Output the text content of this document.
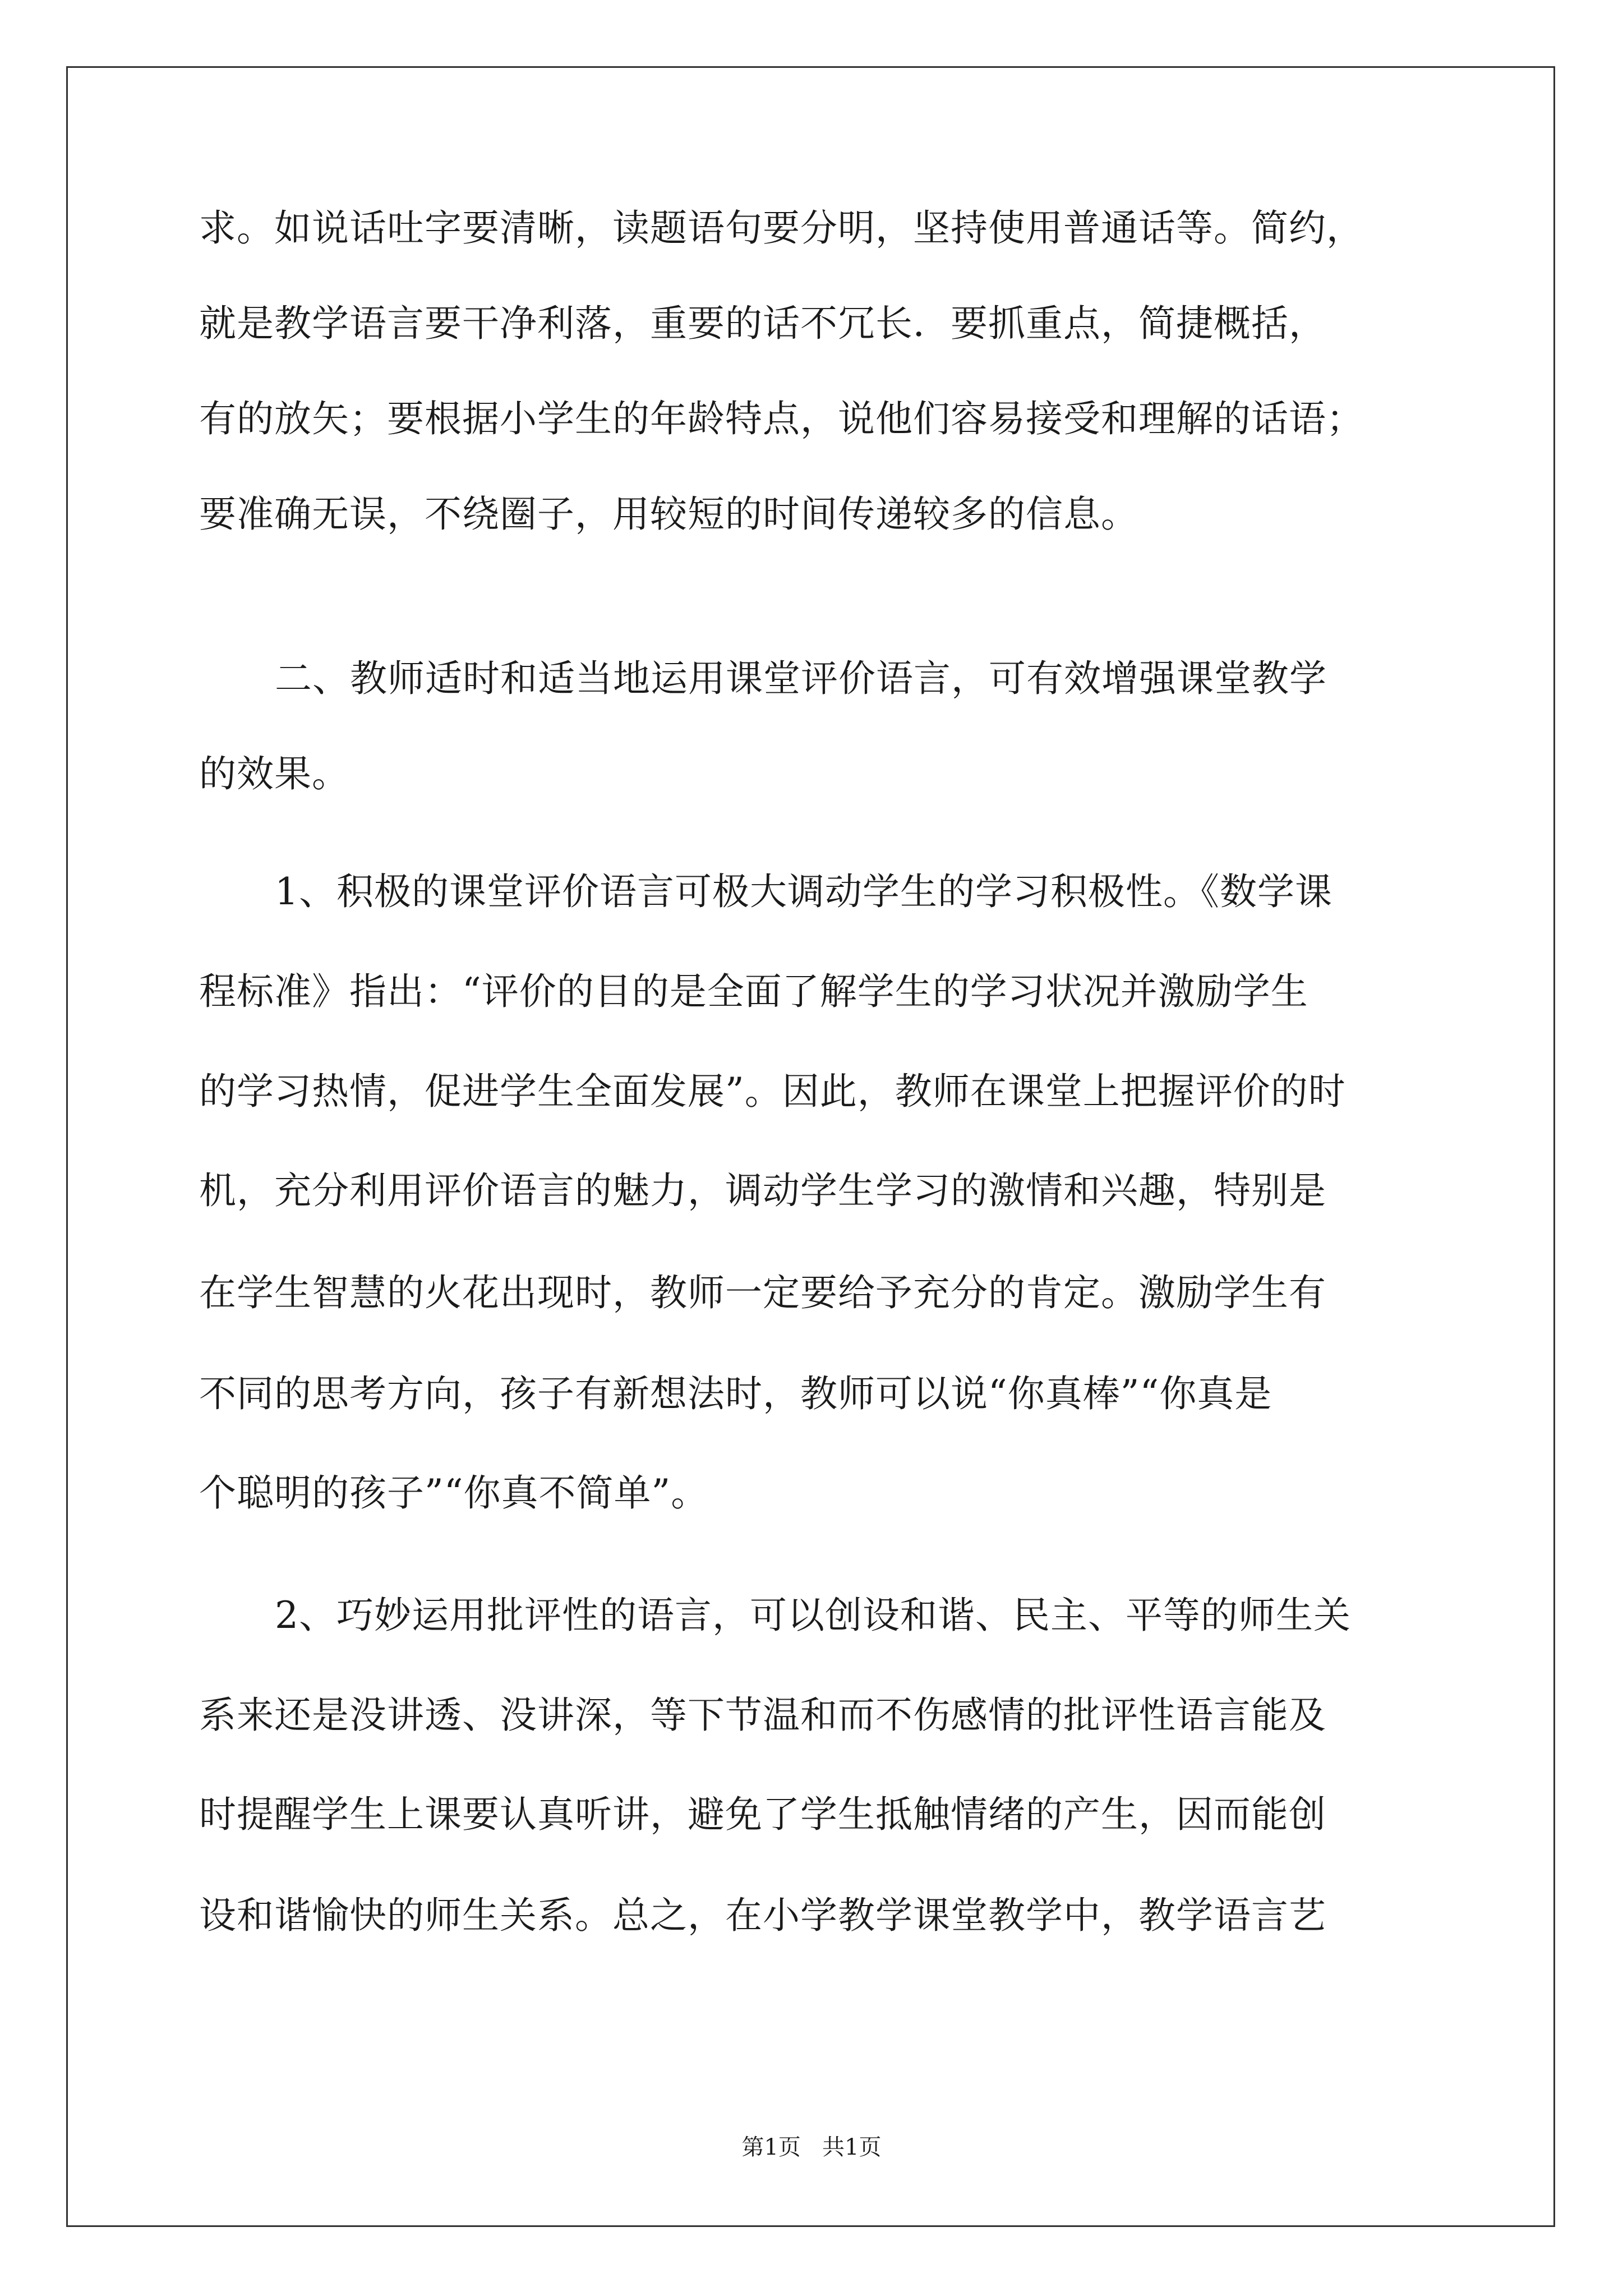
求。如说话吐字要清晰，读题语句要分明，坚持使用普通话等。简约，
就是教学语言要干净利落，重要的话不冗长．要抓重点，简捷概括，
有的放矢；要根据小学生的年龄特点，说他们容易接受和理解的话语；
要准确无误，不绕圈子，用较短的时间传递较多的信息。
二、教师适时和适当地运用课堂评价语言，可有效增强课堂教学
的效果。
1、积极的课堂评价语言可极大调动学生的学习积极性。《数学课
程标准》指出：“评价的目的是全面了解学生的学习状况并激励学生
的学习热情，促进学生全面发展”。因此，教师在课堂上把握评价的时
机，充分利用评价语言的魅力，调动学生学习的激情和兴趣，特别是
在学生智慧的火花出现时，教师一定要给予充分的肯定。激励学生有
不同的思考方向，孩子有新想法时，教师可以说“你真棒”“你真是
个聪明的孩子”“你真不简单”。
2、巧妙运用批评性的语言，可以创设和谐、民主、平等的师生关
系来还是没讲透、没讲深，等下节温和而不伤感情的批评性语言能及
时提醒学生上课要认真听讲，避免了学生抵触情绪的产生，因而能创
设和谐愉快的师生关系。总之，在小学教学课堂教学中，教学语言艺
第1页   共1页
